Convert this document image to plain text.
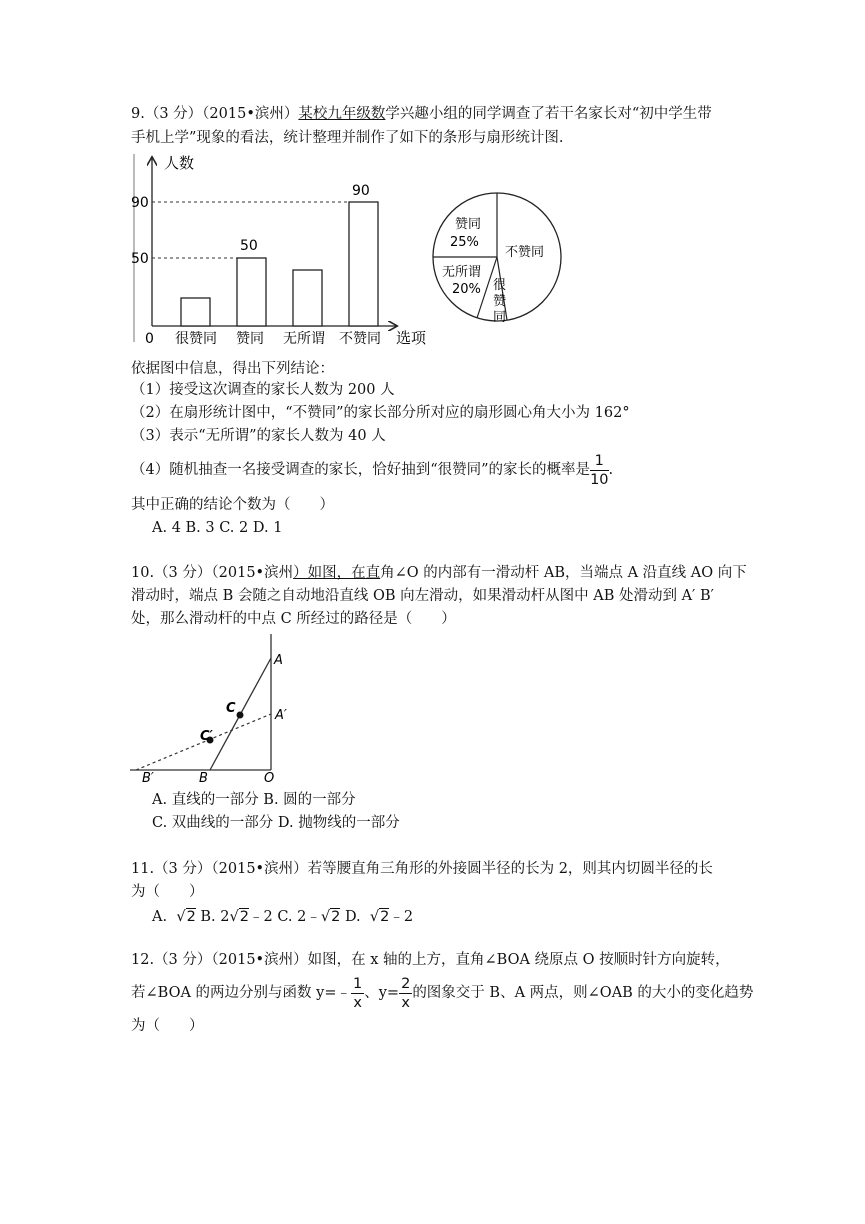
9.（3 分）（2015•滨州）某校九年级数学兴趣小组的同学调查了若干名家长对“初中学生带
手机上学”现象的看法，统计整理并制作了如下的条形与扇形统计图.
人数
选项
0
90
50
50
90
很赞同 赞同 无所谓 不赞同
赞同
25%
不赞同
无所谓
20% 很
赞
同
依据图中信息，得出下列结论：
（1）接受这次调查的家长人数为 200 人
（2）在扇形统计图中，“不赞同”的家长部分所对应的扇形圆心角大小为 162°
（3）表示“无所谓”的家长人数为 40 人
（4）随机抽查一名接受调查的家长，恰好抽到“很赞同”的家长的概率是 $\frac{1}{10}$ .
其中正确的结论个数为（　　）
A. 4 B. 3 C. 2 D. 1
10.（3 分）（2015•滨州）如图，在直角∠O 的内部有一滑动杆 AB，当端点 A 沿直线 AO 向下
滑动时，端点 B 会随之自动地沿直线 OB 向左滑动，如果滑动杆从图中 AB 处滑动到 A′ B′
处，那么滑动杆的中点 C 所经过的路径是（　　）
A
A′
C
C′
B
B′	O
A. 直线的一部分 B. 圆的一部分
C. 双曲线的一部分 D. 抛物线的一部分
11.（3 分）（2015•滨州）若等腰直角三角形的外接圆半径的长为 2，则其内切圆半径的长
为（　　）
A. √2 B. 2√2﹣2 C. 2﹣√2 D. √2﹣2
12.（3 分）（2015•滨州）如图，在 x 轴的上方，直角∠BOA 绕原点 O 按顺时针方向旋转，
若∠BOA 的两边分别与函数 y=﹣ $\frac{1}{x}$ 、$y= \frac{2}{x}$ 的图象交于 B、A 两点，则∠OAB 的大小的变化趋势
为（　　）
